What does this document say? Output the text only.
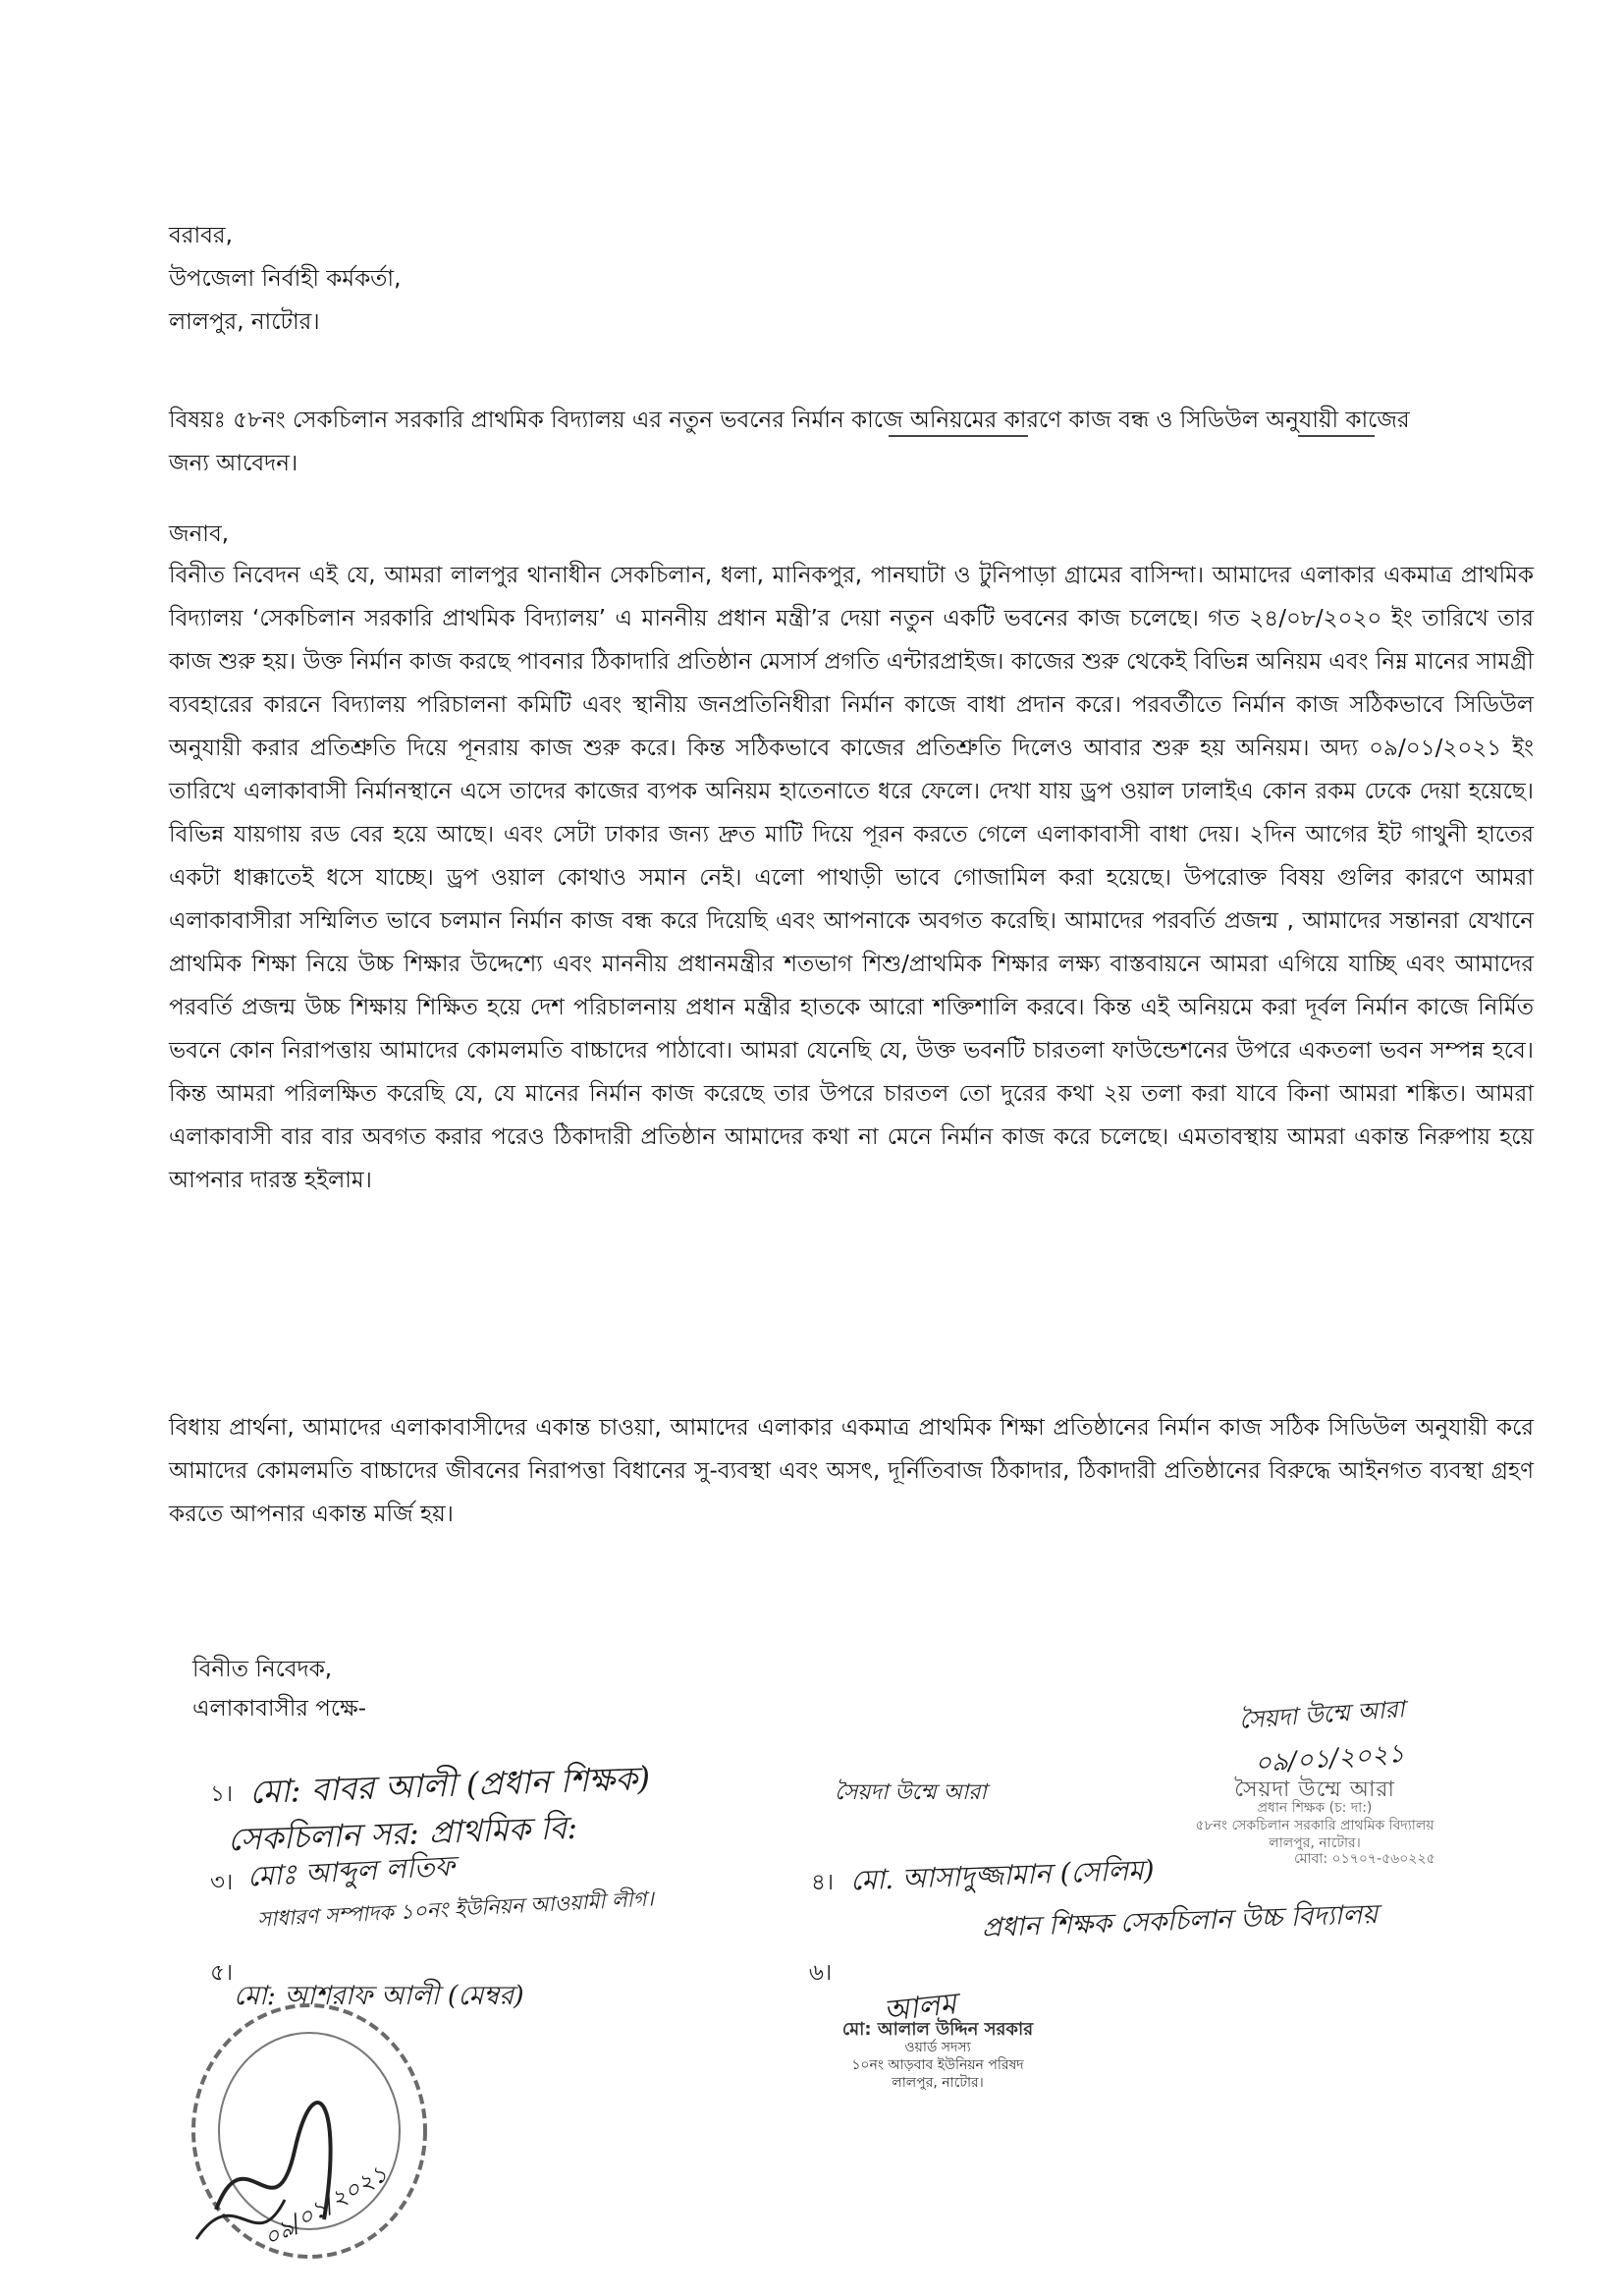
বরাবর,
উপজেলা নির্বাহী কর্মকর্তা,
লালপুর, নাটোর।
বিষয়ঃ ৫৮নং সেকচিলান সরকারি প্রাথমিক বিদ্যালয় এর নতুন ভবনের নির্মান কাজে অনিয়মের কারণে কাজ বন্ধ ও সিডিউল অনুযায়ী কাজের জন্য আবেদন।
জনাব,
বিনীত নিবেদন এই যে, আমরা লালপুর থানাধীন সেকচিলান, ধলা, মানিকপুর, পানঘাটা ও টুনিপাড়া গ্রামের বাসিন্দা। আমাদের এলাকার একমাত্র প্রাথমিক বিদ্যালয় ‘সেকচিলান সরকারি প্রাথমিক বিদ্যালয়’ এ মাননীয় প্রধান মন্ত্রী’র দেয়া নতুন একটি ভবনের কাজ চলেছে। গত ২৪/০৮/২০২০ ইং তারিখে তার কাজ শুরু হয়। উক্ত নির্মান কাজ করছে পাবনার ঠিকাদারি প্রতিষ্ঠান মেসার্স প্রগতি এন্টারপ্রাইজ। কাজের শুরু থেকেই বিভিন্ন অনিয়ম এবং নিম্ন মানের সামগ্রী ব্যবহারের কারনে বিদ্যালয় পরিচালনা কমিটি এবং স্থানীয় জনপ্রতিনিধীরা নির্মান কাজে বাধা প্রদান করে। পরবর্তীতে নির্মান কাজ সঠিকভাবে সিডিউল অনুযায়ী করার প্রতিশ্রুতি দিয়ে পূনরায় কাজ শুরু করে। কিন্ত সঠিকভাবে কাজের প্রতিশ্রুতি দিলেও আবার শুরু হয় অনিয়ম। অদ্য ০৯/০১/২০২১ ইং তারিখে এলাকাবাসী নির্মানস্থানে এসে তাদের কাজের ব্যপক অনিয়ম হাতেনাতে ধরে ফেলে। দেখা যায় ড্রপ ওয়াল ঢালাইএ কোন রকম ঢেকে দেয়া হয়েছে। বিভিন্ন যায়গায় রড বের হয়ে আছে। এবং সেটা ঢাকার জন্য দ্রুত মাটি দিয়ে পূরন করতে গেলে এলাকাবাসী বাধা দেয়। ২দিন আগের ইট গাথুনী হাতের একটা ধাক্কাতেই ধসে যাচ্ছে। ড্রপ ওয়াল কোথাও সমান নেই। এলো পাথাড়ী ভাবে গোজামিল করা হয়েছে। উপরোক্ত বিষয় গুলির কারণে আমরা এলাকাবাসীরা সম্মিলিত ভাবে চলমান নির্মান কাজ বন্ধ করে দিয়েছি এবং আপনাকে অবগত করেছি। আমাদের পরবর্তি প্রজন্ম , আমাদের সন্তানরা যেখানে প্রাথমিক শিক্ষা নিয়ে উচ্চ শিক্ষার উদ্দেশ্যে এবং মাননীয় প্রধানমন্ত্রীর শতভাগ শিশু/প্রাথমিক শিক্ষার লক্ষ্য বাস্তবায়নে আমরা এগিয়ে যাচ্ছি এবং আমাদের পরবর্তি প্রজন্ম উচ্চ শিক্ষায় শিক্ষিত হয়ে দেশ পরিচালনায় প্রধান মন্ত্রীর হাতকে আরো শক্তিশালি করবে। কিন্ত এই অনিয়মে করা দূর্বল নির্মান কাজে নির্মিত ভবনে কোন নিরাপত্তায় আমাদের কোমলমতি বাচ্চাদের পাঠাবো। আমরা যেনেছি যে, উক্ত ভবনটি চারতলা ফাউন্ডেশনের উপরে একতলা ভবন সম্পন্ন হবে। কিন্ত আমরা পরিলক্ষিত করেছি যে, যে মানের নির্মান কাজ করেছে তার উপরে চারতল তো দুরের কথা ২য় তলা করা যাবে কিনা আমরা শঙ্কিত। আমরা এলাকাবাসী বার বার অবগত করার পরেও ঠিকাদারী প্রতিষ্ঠান আমাদের কথা না মেনে নির্মান কাজ করে চলেছে। এমতাবস্থায় আমরা একান্ত নিরুপায় হয়ে আপনার দারস্ত হইলাম।
বিধায় প্রার্থনা, আমাদের এলাকাবাসীদের একান্ত চাওয়া, আমাদের এলাকার একমাত্র প্রাথমিক শিক্ষা প্রতিষ্ঠানের নির্মান কাজ সঠিক সিডিউল অনুযায়ী করে আমাদের কোমলমতি বাচ্চাদের জীবনের নিরাপত্তা বিধানের সু-ব্যবস্থা এবং অসৎ, দূর্নিতিবাজ ঠিকাদার, ঠিকাদারী প্রতিষ্ঠানের বিরুদ্ধে আইনগত ব্যবস্থা গ্রহণ করতে আপনার একান্ত মর্জি হয়।
বিনীত নিবেদক,
এলাকাবাসীর পক্ষে-	সৈয়দা উম্মে আরা
০৯/০১/২০২১
১। মো: বাবর আলী (প্রধান শিক্ষক)
সেকচিলান সর: প্রাথমিক বি:
সৈয়দা উম্মে আরা	সৈয়দা উম্মে আরা
প্রধান শিক্ষক (চ: দা:)
৫৮নং সেকচিলান সরকারি প্রাথমিক বিদ্যালয়
লালপুর, নাটোর।
মোবা: ০১৭০৭-৫৬০২২৫
৩। মোঃ আব্দুল লতিফ
সাধারণ সম্পাদক ১০নং ইউনিয়ন আওয়ামী লীগ।
৪। মো. আসাদুজ্জামান (সেলিম)
প্রধান শিক্ষক সেকচিলান উচ্চ বিদ্যালয়
৫।
মো: আশরাফ আলী (মেম্বর)
৬।
আলম
মো: আলাল উদ্দিন সরকার
ওয়ার্ড সদস্য
১০নং আড়বাব ইউনিয়ন পরিষদ
লালপুর, নাটোর।
০৯/০১/২০২১
